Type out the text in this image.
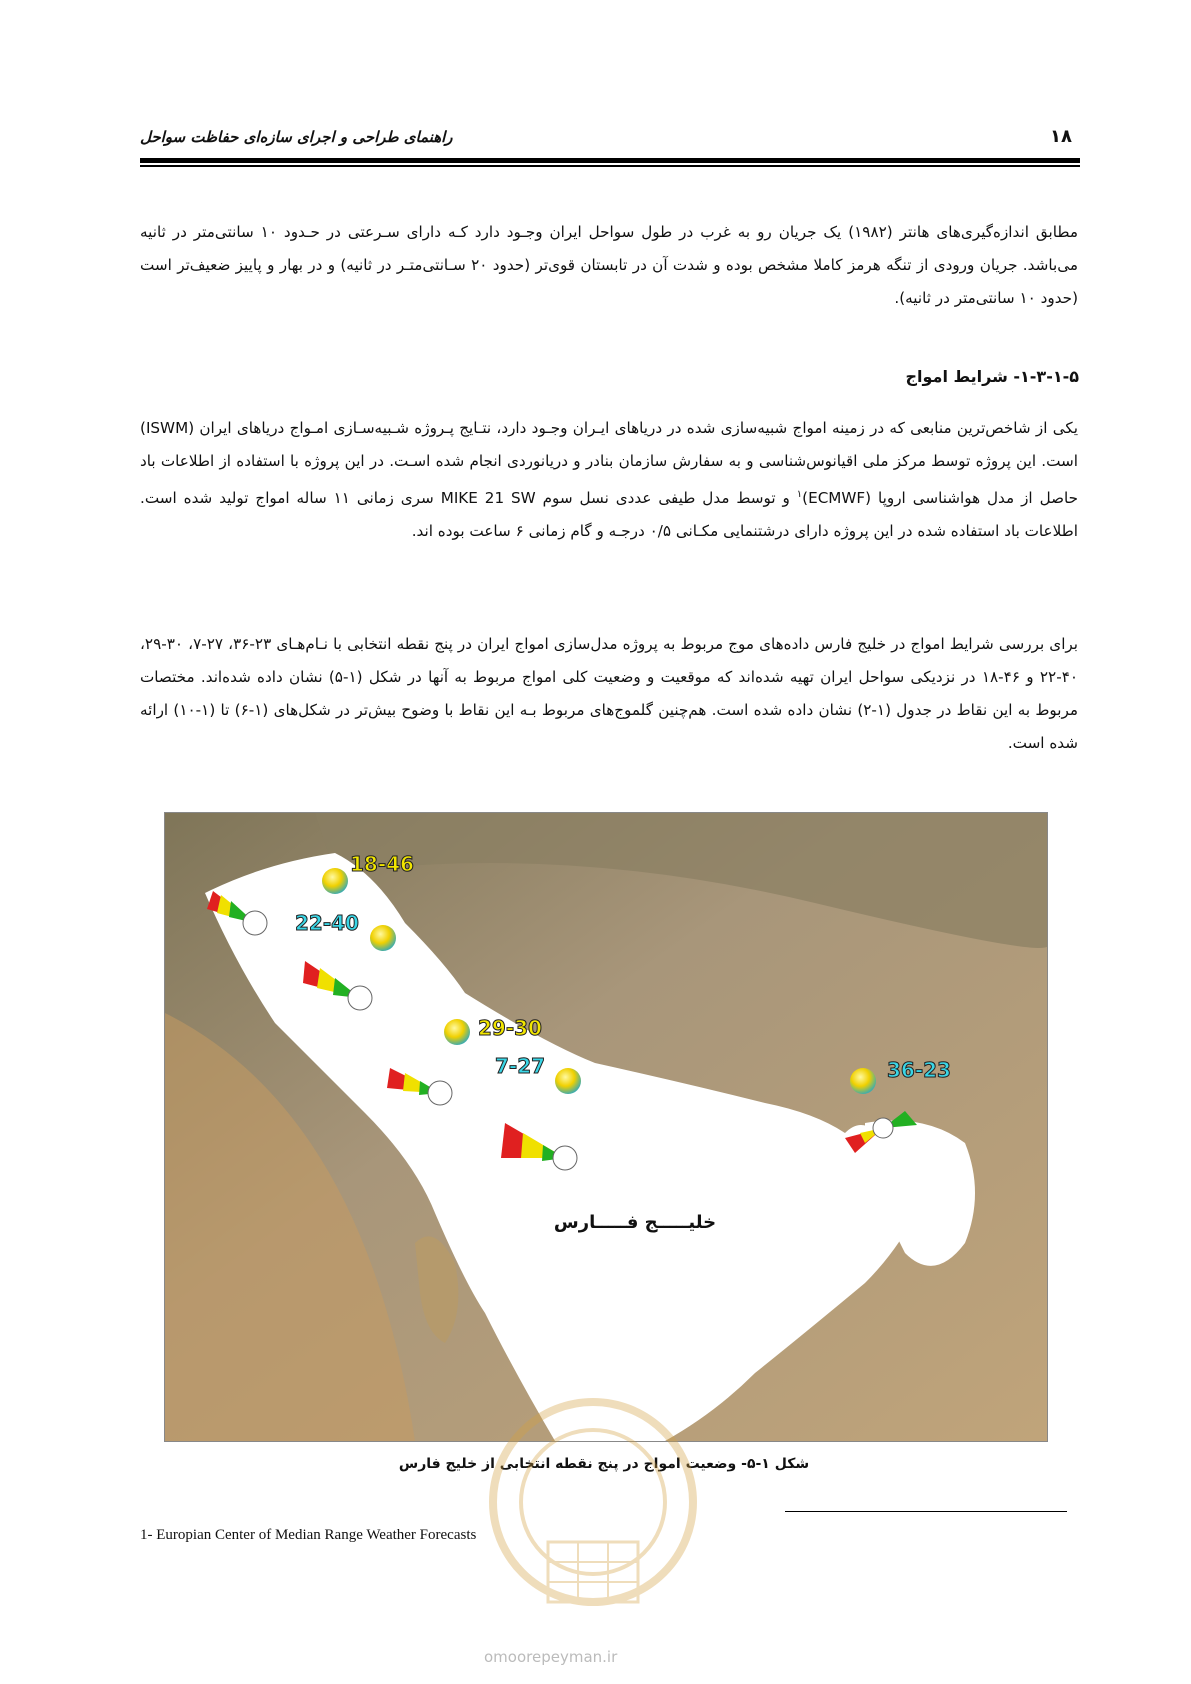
۱۸
راهنمای طراحی و اجرای سازه‌ای حفاظت سواحل

مطابق اندازه‌گیری‌های هانتر (۱۹۸۲) یک جریان رو به غرب در طول سواحل ایران وجـود دارد کـه دارای سـرعتی در حـدود ۱۰ سانتی‌متر در ثانیه می‌باشد. جریان ورودی از تنگه هرمز کاملا مشخص بوده و شدت آن در تابستان قوی‌تر (حدود ۲۰ سـانتی‌متـر در ثانیه) و در بهار و پاییز ضعیف‌تر است (حدود ۱۰ سانتی‌متر در ثانیه).

۱-۳-۱-۵- شرایط امواج

یکی از شاخص‌ترین منابعی که در زمینه امواج شبیه‌سازی شده در دریاهای ایـران وجـود دارد، نتـایج پـروژه شـبیه‌سـازی امـواج دریاهای ایران (ISWM) است. این پروژه توسط مرکز ملی اقیانوس‌شناسی و به سفارش سازمان بنادر و دریانوردی انجام شده اسـت. در این پروژه با استفاده از اطلاعات باد حاصل از مدل هواشناسی اروپا (ECMWF)$^۱$ و توسط مدل طیفی عددی نسل سوم MIKE 21 SW سری زمانی ۱۱ ساله امواج تولید شده است. اطلاعات باد استفاده شده در این پروژه دارای درشتنمایی مکـانی ۰/۵ درجـه و گام زمانی ۶ ساعت بوده اند.

برای بررسی شرایط امواج در خلیج فارس داده‌های موج مربوط به پروژه مدل‌سازی امواج ایران در پنج نقطه انتخابی با نـام‌هـای ۲۳-۳۶، ۲۷-۷، ۳۰-۲۹، ۴۰-۲۲ و ۴۶-۱۸ در نزدیکی سواحل ایران تهیه شده‌اند که موقعیت و وضعیت کلی امواج مربوط به آنها در شکل (۱-۵) نشان داده شده‌اند. مختصات مربوط به این نقاط در جدول (۱-۲) نشان داده شده است. هم‌چنین گلموج‌های مربوط بـه این نقاط با وضوح بیش‌تر در شکل‌های (۱-۶) تا (۱-۱۰) ارائه شده است.

18-46
22-40
29-30
7-27	36-23
خلیـــــج فـــــارس
شکل ۱-۵- وضعیت امواج در پنج نقطه انتخابی از خلیج فارس
1- Europian Center of Median Range Weather Forecasts
omoorepeyman.ir
